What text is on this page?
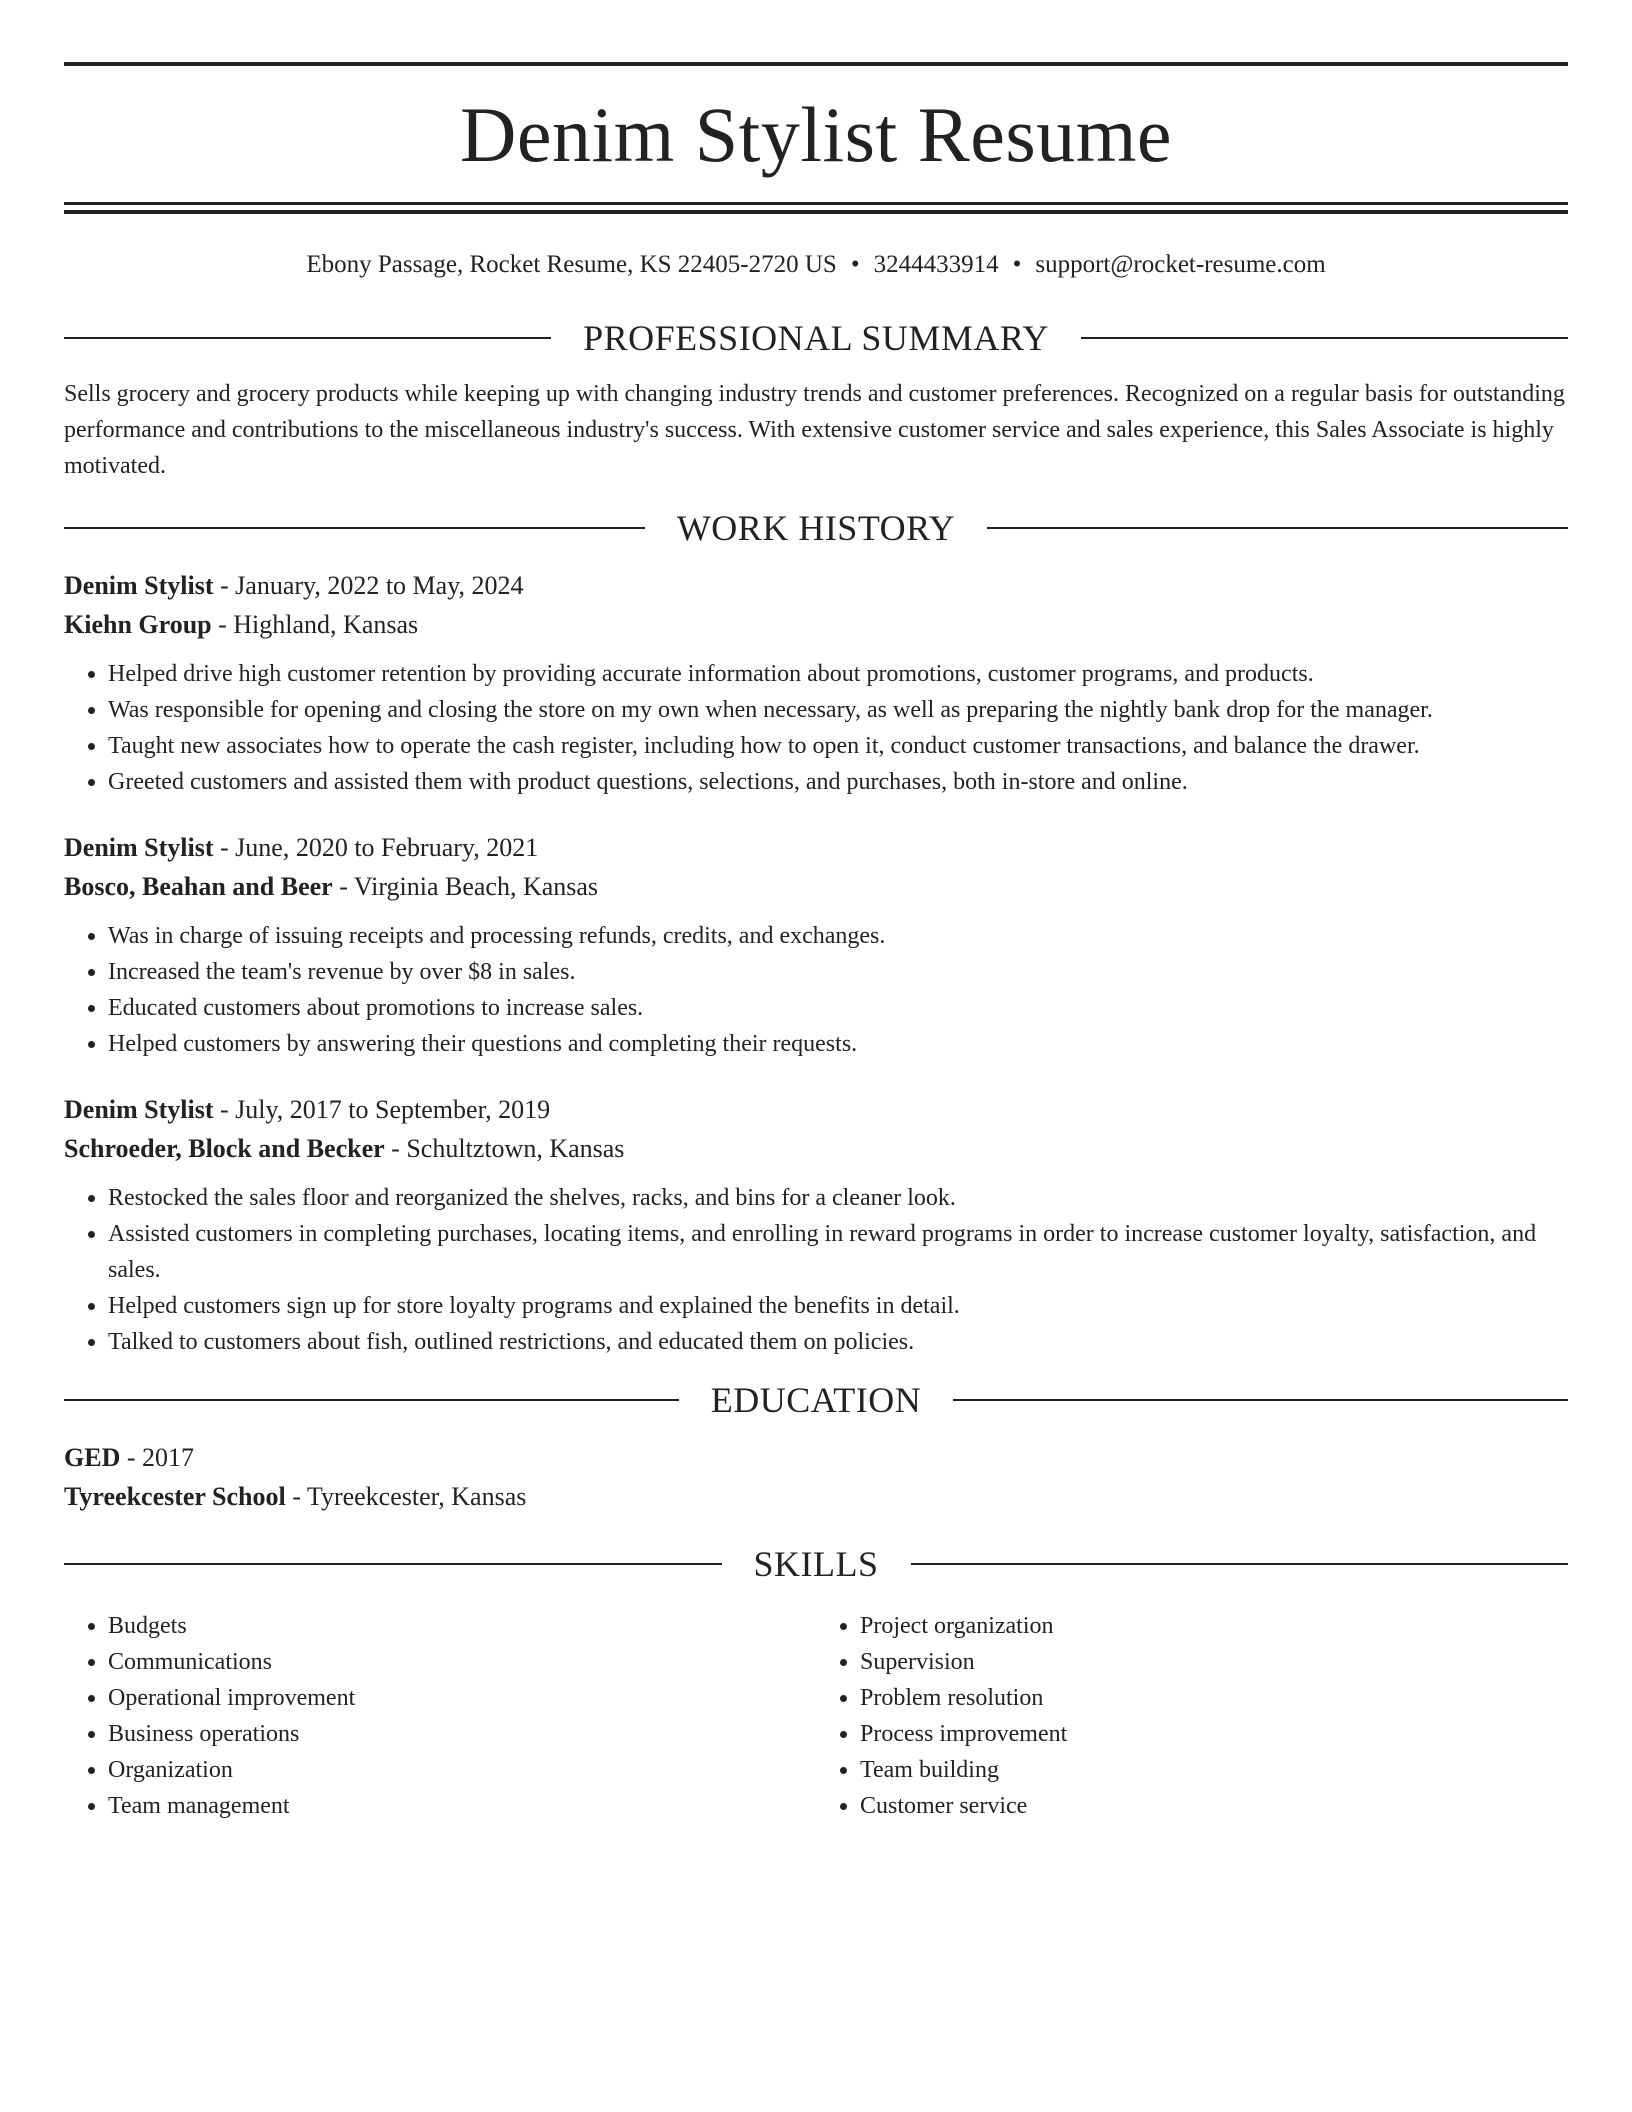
Denim Stylist Resume
Ebony Passage, Rocket Resume, KS 22405-2720 US • 3244433914 • support@rocket-resume.com
PROFESSIONAL SUMMARY

Sells grocery and grocery products while keeping up with changing industry trends and customer preferences. Recognized on a regular basis for outstanding performance and contributions to the miscellaneous industry's success. With extensive customer service and sales experience, this Sales Associate is highly motivated.

WORK HISTORY
Denim Stylist - January, 2022 to May, 2024
Kiehn Group - Highland, Kansas
• Helped drive high customer retention by providing accurate information about promotions, customer programs, and products.
• Was responsible for opening and closing the store on my own when necessary, as well as preparing the nightly bank drop for the manager.
• Taught new associates how to operate the cash register, including how to open it, conduct customer transactions, and balance the drawer.
• Greeted customers and assisted them with product questions, selections, and purchases, both in-store and online.
Denim Stylist - June, 2020 to February, 2021
Bosco, Beahan and Beer - Virginia Beach, Kansas
• Was in charge of issuing receipts and processing refunds, credits, and exchanges.
• Increased the team's revenue by over $8 in sales.
• Educated customers about promotions to increase sales.
• Helped customers by answering their questions and completing their requests.
Denim Stylist - July, 2017 to September, 2019
Schroeder, Block and Becker - Schultztown, Kansas
• Restocked the sales floor and reorganized the shelves, racks, and bins for a cleaner look.
• Assisted customers in completing purchases, locating items, and enrolling in reward programs in order to increase customer loyalty, satisfaction, and sales.
• Helped customers sign up for store loyalty programs and explained the benefits in detail.
• Talked to customers about fish, outlined restrictions, and educated them on policies.
EDUCATION
GED - 2017
Tyreekcester School - Tyreekcester, Kansas
SKILLS
• Budgets
• Communications
• Operational improvement
• Business operations
• Organization
• Team management
• Project organization
• Supervision
• Problem resolution
• Process improvement
• Team building
• Customer service
